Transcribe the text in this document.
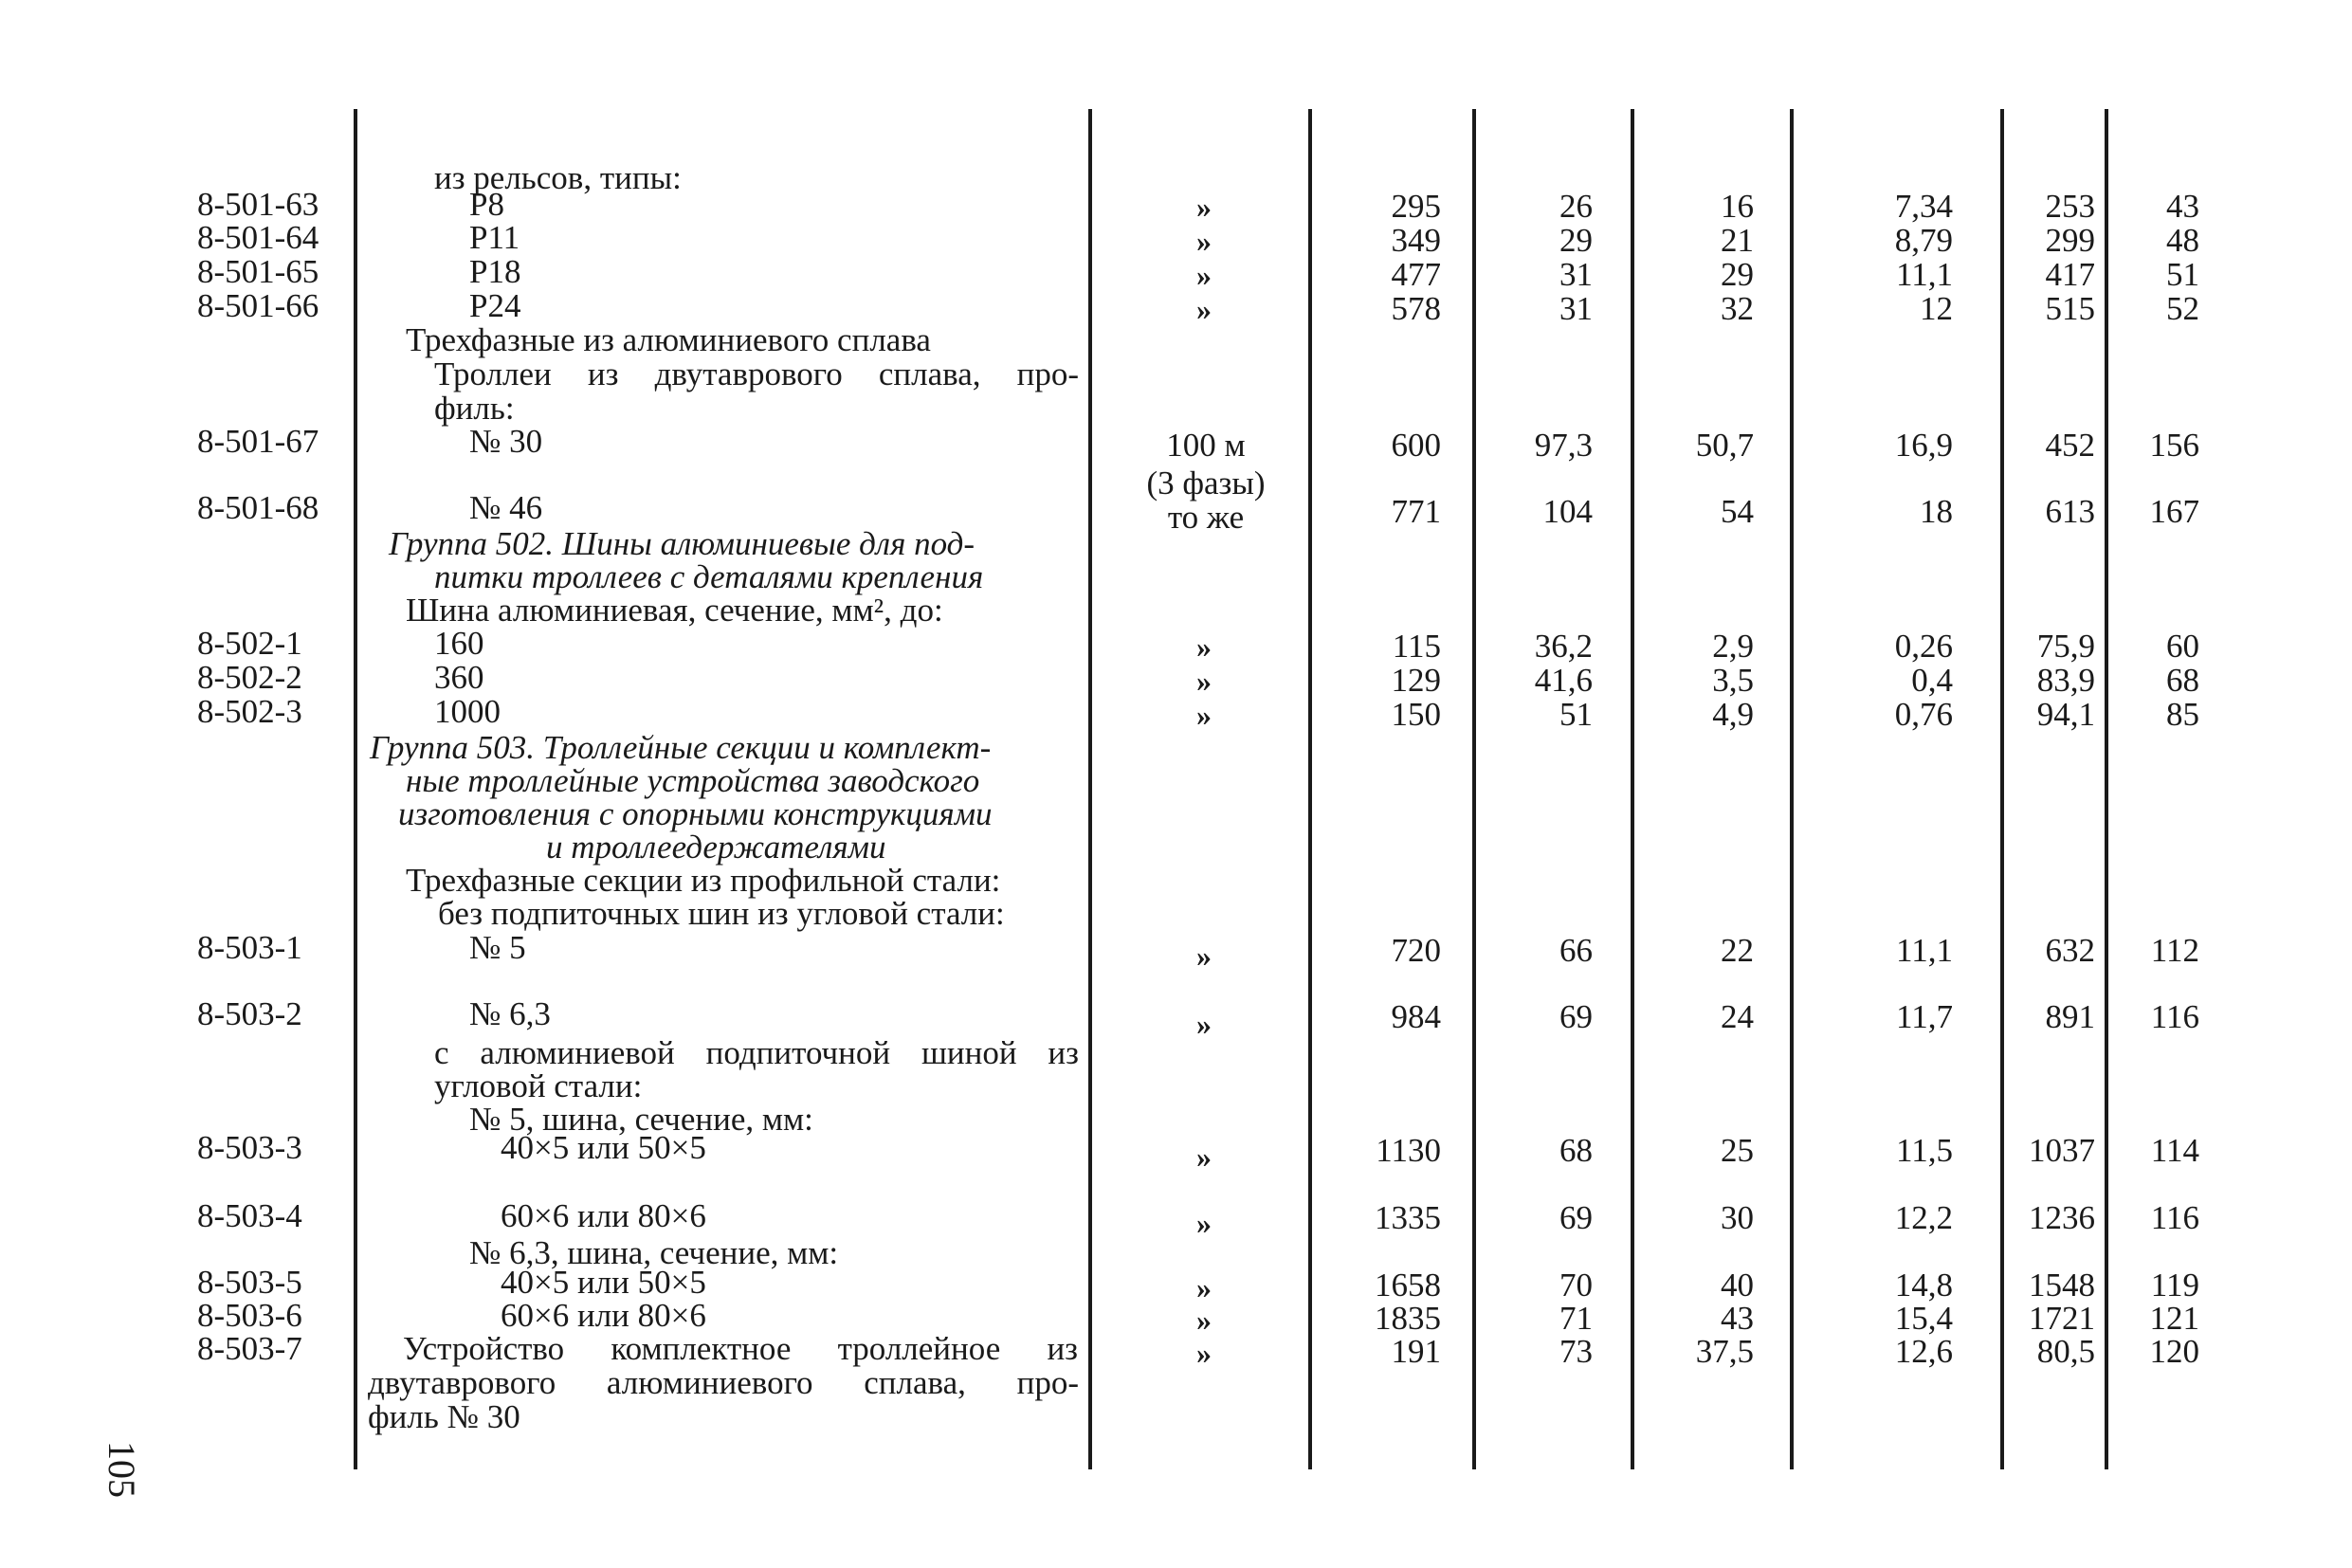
из рельсов, типы:
8-501-63	Р8	»	295	26	16	7,34	253	43
8-501-64	Р11	»	349	29	21	8,79	299	48
8-501-65	Р18	»	477	31	29	11,1	417	51
8-501-66	Р24	»	578	31	32	12	515	52
Трехфазные из алюминиевого сплава
Троллеи из двутаврового сплава, про-
филь:
8-501-67	№ 30	100 м	600	97,3	50,7	16,9	452	156
(3 фазы)
8-501-68	№ 46	то же	771	104	54	18	613	167
Группа 502. Шины алюминиевые для под-
питки троллеев с деталями крепления
Шина алюминиевая, сечение, мм², до:
8-502-1	160	»	115	36,2	2,9	0,26	75,9	60
8-502-2	360	»	129	41,6	3,5	0,4	83,9	68
8-502-3	1000	»	150	51	4,9	0,76	94,1	85
Группа 503. Троллейные секции и комплект-
ные троллейные устройства заводского
изготовления с опорными конструкциями
и троллеедержателями
Трехфазные секции из профильной стали:
без подпиточных шин из угловой стали:
8-503-1	№ 5	»	720	66	22	11,1	632	112
8-503-2	№ 6,3	»	984	69	24	11,7	891	116
с алюминиевой подпиточной шиной из
угловой стали:
№ 5, шина, сечение, мм:
8-503-3	40×5 или 50×5	»	1130	68	25	11,5	1037	114
8-503-4	60×6 или 80×6	»	1335	69	30	12,2	1236	116
№ 6,3, шина, сечение, мм:
8-503-5	40×5 или 50×5	»	1658	70	40	14,8	1548	119
8-503-6	60×6 или 80×6	»	1835	71	43	15,4	1721	121
8-503-7	Устройство комплектное троллейное из	»	191	73	37,5	12,6	80,5	120
двутаврового алюминиевого сплава, про-
филь № 30
105
